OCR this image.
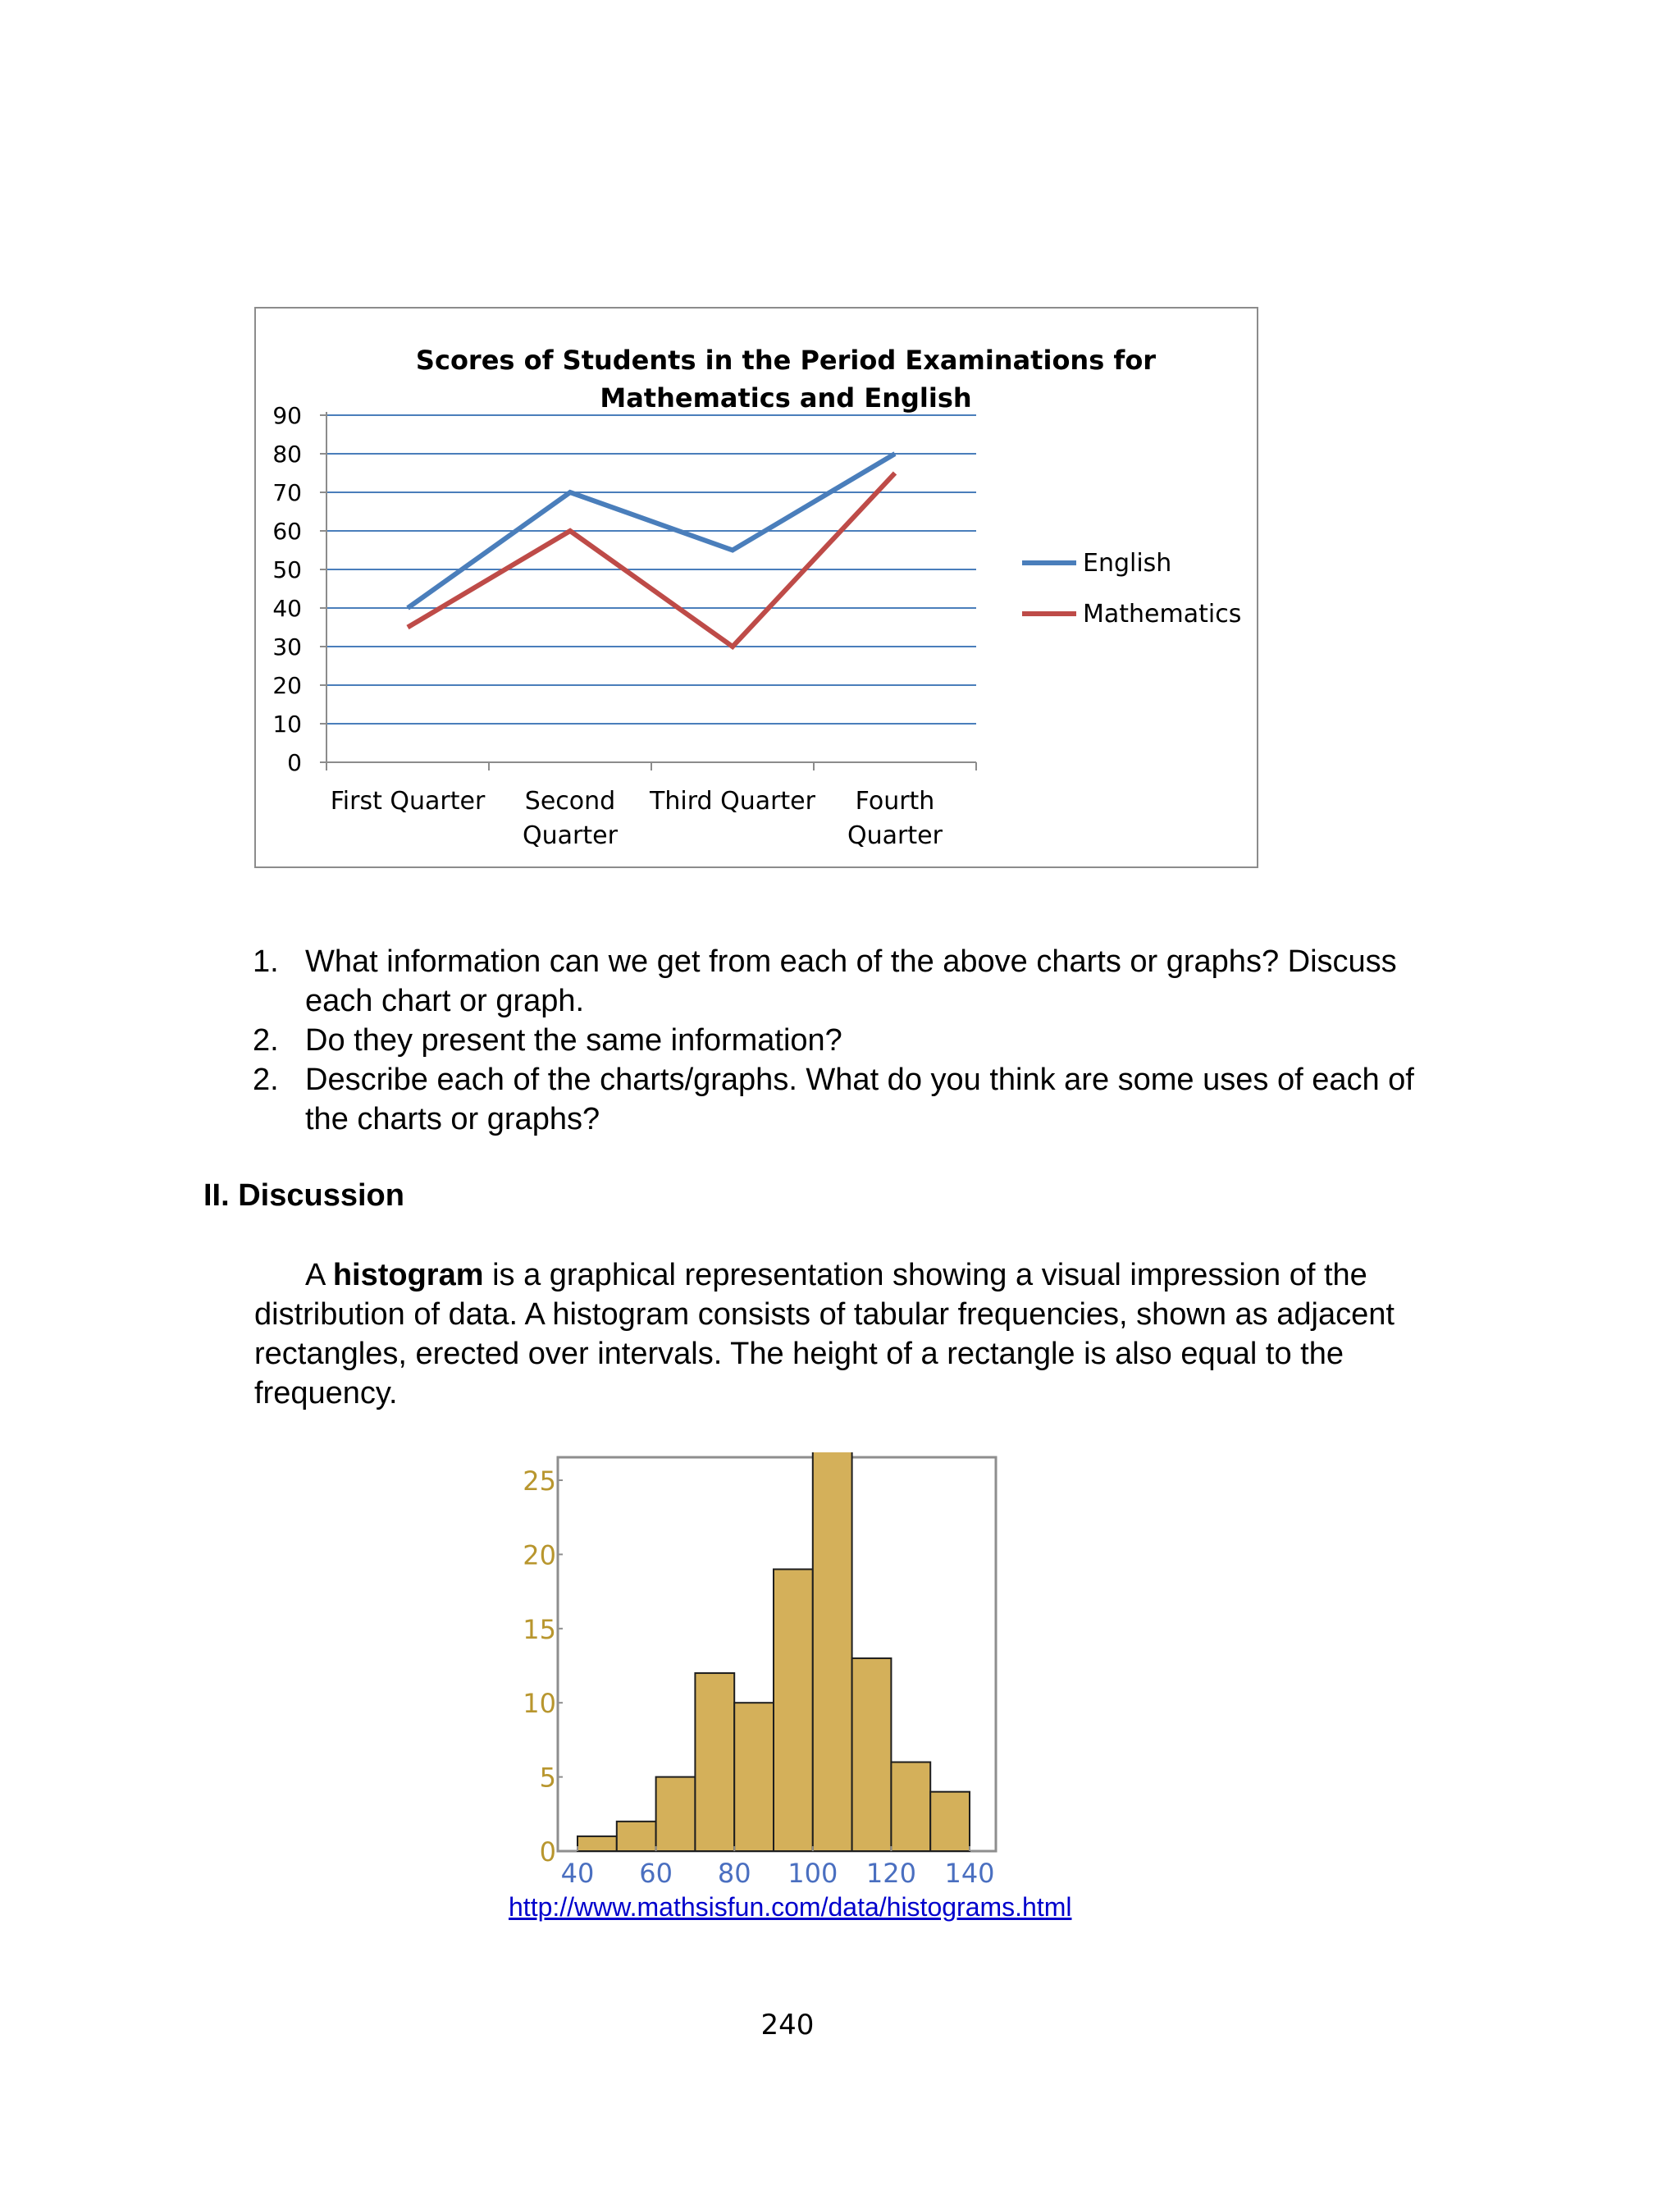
Scores of Students in the Period Examinations for
Mathematics and English
0
10
20
30
40
50
60
70
80
90
First Quarter Second
Quarter
Third Quarter Fourth
Quarter
English
Mathematics
1. What information can we get from each of the above charts or graphs? Discuss each chart or graph.
2. Do they present the same information?
2. Describe each of the charts/graphs. What do you think are some uses of each of the charts or graphs?
II. Discussion

A histogram is a graphical representation showing a visual impression of the distribution of data. A histogram consists of tabular frequencies, shown as adjacent rectangles, erected over intervals. The height of a rectangle is also equal to the frequency.

0
5
10
15
20
25
40 60 80 100 120 140
http://www.mathsisfun.com/data/histograms.html
240
